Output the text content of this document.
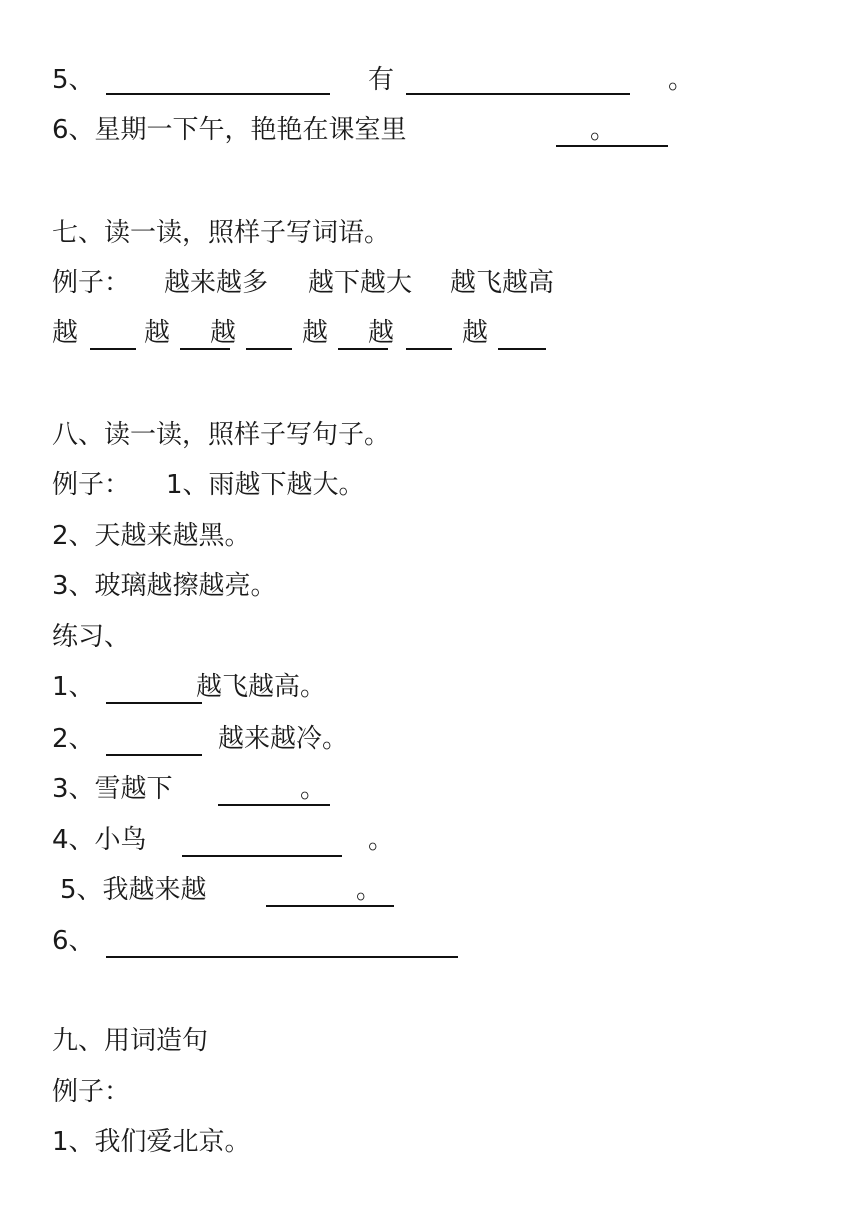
5、	有	。
6、星期一下午，艳艳在课室里	。
七、读一读，照样子写词语。
例子： 越来越多 越下越大 越飞越高
越	越 越	越 越	越
八、读一读，照样子写句子。
例子： 1、雨越下越大。
2、天越来越黑。
3、玻璃越擦越亮。
练习、
1、	越飞越高。
2、	越来越冷。
3、雪越下	。
4、小鸟	。
5、我越来越	。
6、
九、用词造句
例子：
1、我们爱北京。
